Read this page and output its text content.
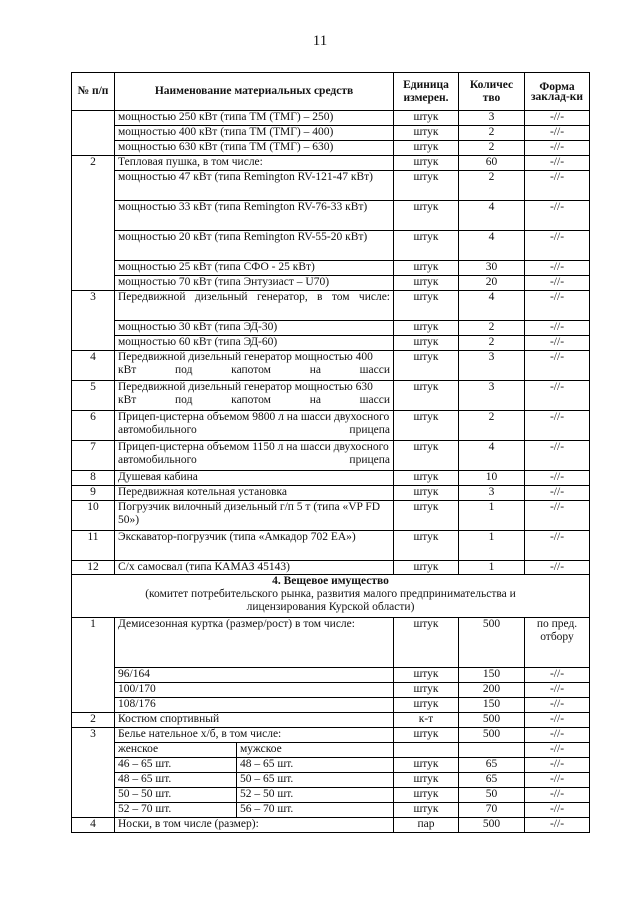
11
№ п/п	Наименование материальных средств		Единица измерен.	Количес тво	Форма заклад-ки
	мощностью 250 кВт (типа ТМ (ТМГ) – 250)		штук	3	-//-
	мощностью 400 кВт (типа ТМ (ТМГ) – 400)		штук	2	-//-
	мощностью 630 кВт (типа ТМ (ТМГ) – 630)		штук	2	-//-
2	Тепловая пушка, в том числе:		штук	60	-//-
	мощностью 47 кВт (типа Remington RV-121-47 кВт)		штук	2	-//-
	мощностью 33 кВт (типа Remington RV-76-33 кВт)		штук	4	-//-
	мощностью 20 кВт (типа Remington RV-55-20 кВт)		штук	4	-//-
	мощностью 25 кВт (типа СФО - 25 кВт)		штук	30	-//-
	мощностью 70 кВт (типа Энтузиаст – U70)		штук	20	-//-
3	Передвижной дизельный генератор, в том числе:		штук	4	-//-
	мощностью 30 кВт (типа ЭД-30)		штук	2	-//-
	мощностью 60 кВт (типа ЭД-60)		штук	2	-//-
4	Передвижной дизельный генератор мощностью 400 кВт под капотом на шасси		штук	3	-//-
5	Передвижной дизельный генератор мощностью 630 кВт под капотом на шасси		штук	3	-//-
6	Прицеп-цистерна объемом 9800 л на шасси двухосного автомобильного прицепа		штук	2	-//-
7	Прицеп-цистерна объемом 1150 л на шасси двухосного автомобильного прицепа		штук	4	-//-
8	Душевая кабина		штук	10	-//-
9	Передвижная котельная установка		штук	3	-//-
10	Погрузчик вилочный дизельный г/п 5 т (типа «VP FD 50»)		штук	1	-//-
11	Экскаватор-погрузчик (типа «Амкадор 702 ЕА»)		штук	1	-//-
12	С/х самосвал (типа КАМАЗ 45143)		штук	1	-//-

4. Вещевое имущество
(комитет потребительского рынка, развития малого предпринимательства и лицензирования Курской области)					

1	Демисезонная куртка (размер/рост) в том числе:		штук	500	по пред. отбору
	96/164		штук	150	-//-
	100/170		штук	200	-//-
	108/176		штук	150	-//-
2	Костюм спортивный		к-т	500	-//-
3	Белье нательное х/б, в том числе:		штук	500	-//-
	женское	мужское			-//-
	46 – 65 шт.	48 – 65 шт.	штук	65	-//-
	48 – 65 шт.	50 – 65 шт.	штук	65	-//-
	50 – 50 шт.	52 – 50 шт.	штук	50	-//-
	52 – 70 шт.	56 – 70 шт.	штук	70	-//-
4	Носки, в том числе (размер):		пар	500	-//-
